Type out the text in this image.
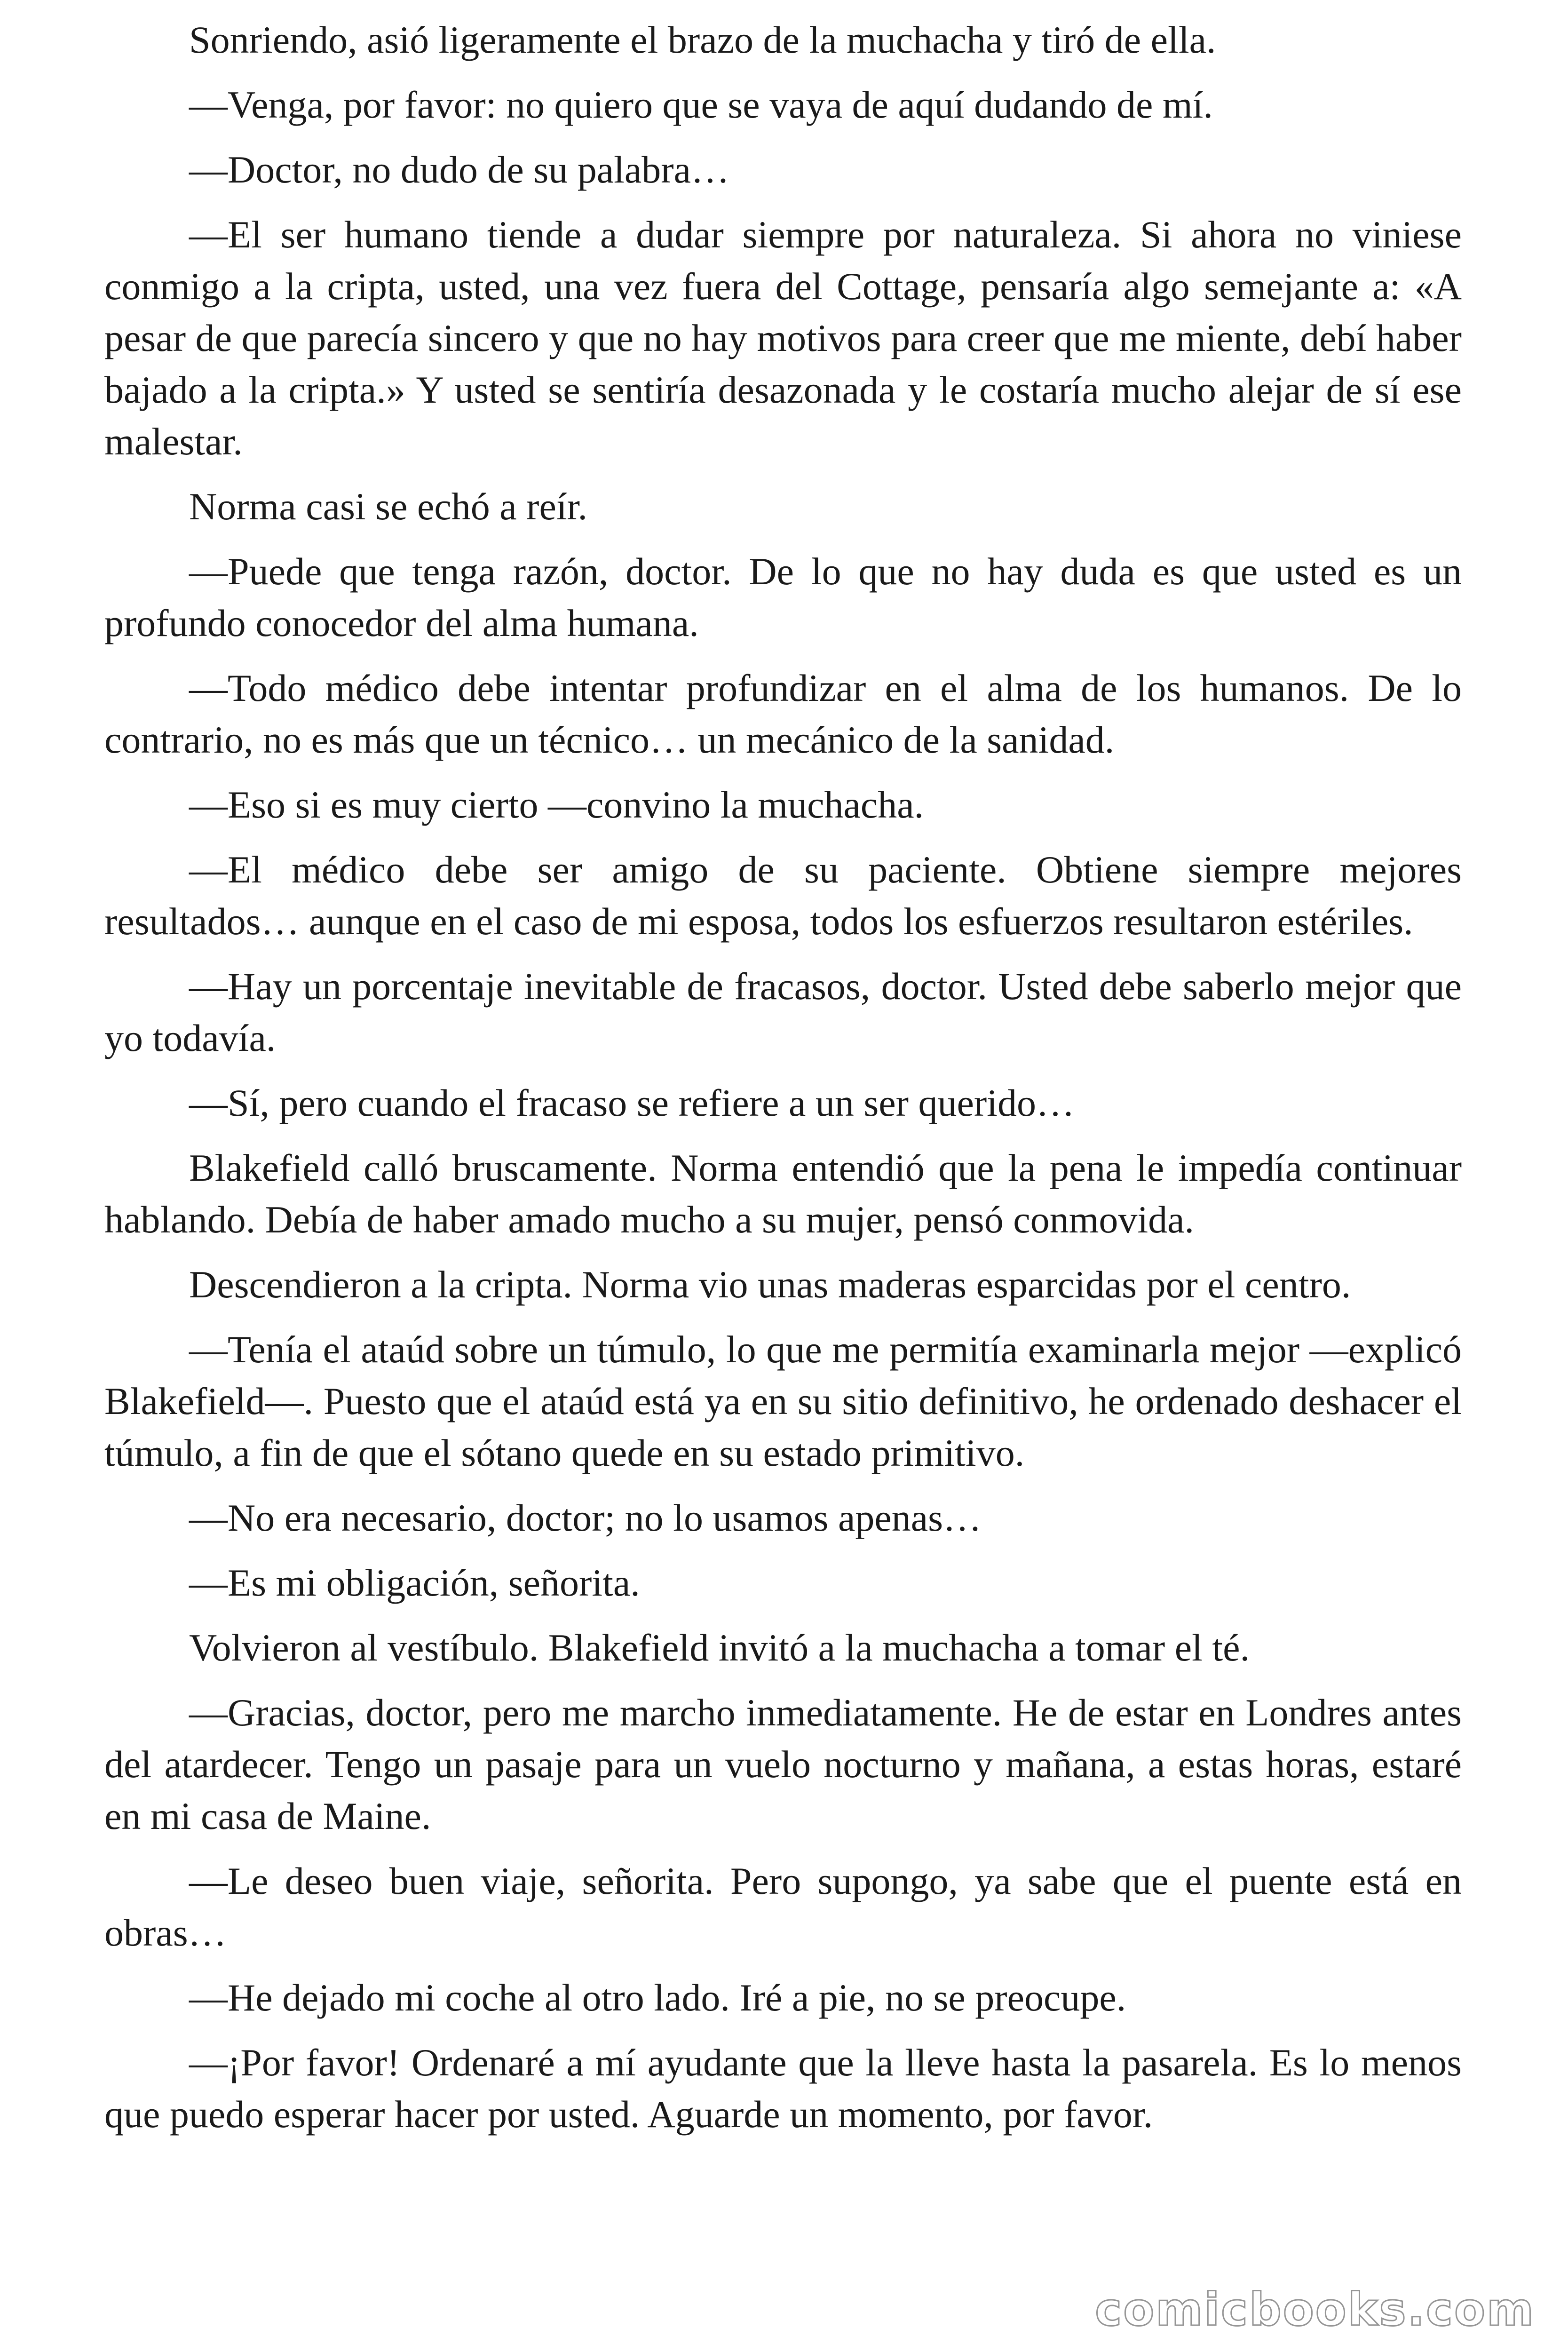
Sonriendo, asió ligeramente el brazo de la muchacha y tiró de ella.

—Venga, por favor: no quiero que se vaya de aquí dudando de mí.

—Doctor, no dudo de su palabra…

—El ser humano tiende a dudar siempre por naturaleza. Si ahora no viniese conmigo a la cripta, usted, una vez fuera del Cottage, pensaría algo semejante a: «A pesar de que parecía sincero y que no hay motivos para creer que me miente, debí haber bajado a la cripta.» Y usted se sentiría desazonada y le costaría mucho alejar de sí ese malestar.

Norma casi se echó a reír.

—Puede que tenga razón, doctor. De lo que no hay duda es que usted es un profundo conocedor del alma humana.

—Todo médico debe intentar profundizar en el alma de los humanos. De lo contrario, no es más que un técnico… un mecánico de la sanidad.

—Eso si es muy cierto —convino la muchacha.

—El médico debe ser amigo de su paciente. Obtiene siempre mejores resultados… aunque en el caso de mi esposa, todos los esfuerzos resultaron estériles.

—Hay un porcentaje inevitable de fracasos, doctor. Usted debe saberlo mejor que yo todavía.

—Sí, pero cuando el fracaso se refiere a un ser querido…

Blakefield calló bruscamente. Norma entendió que la pena le impedía continuar hablando. Debía de haber amado mucho a su mujer, pensó conmovida.

Descendieron a la cripta. Norma vio unas maderas esparcidas por el centro.

—Tenía el ataúd sobre un túmulo, lo que me permitía examinarla mejor —explicó Blakefield—. Puesto que el ataúd está ya en su sitio definitivo, he ordenado deshacer el túmulo, a fin de que el sótano quede en su estado primitivo.

—No era necesario, doctor; no lo usamos apenas…

—Es mi obligación, señorita.

Volvieron al vestíbulo. Blakefield invitó a la muchacha a tomar el té.

—Gracias, doctor, pero me marcho inmediatamente. He de estar en Londres antes del atardecer. Tengo un pasaje para un vuelo nocturno y mañana, a estas horas, estaré en mi casa de Maine.

—Le deseo buen viaje, señorita. Pero supongo, ya sabe que el puente está en obras…

—He dejado mi coche al otro lado. Iré a pie, no se preocupe.

—¡Por favor! Ordenaré a mí ayudante que la lleve hasta la pasarela. Es lo menos que puedo esperar hacer por usted. Aguarde un momento, por favor.

comicbooks.com
